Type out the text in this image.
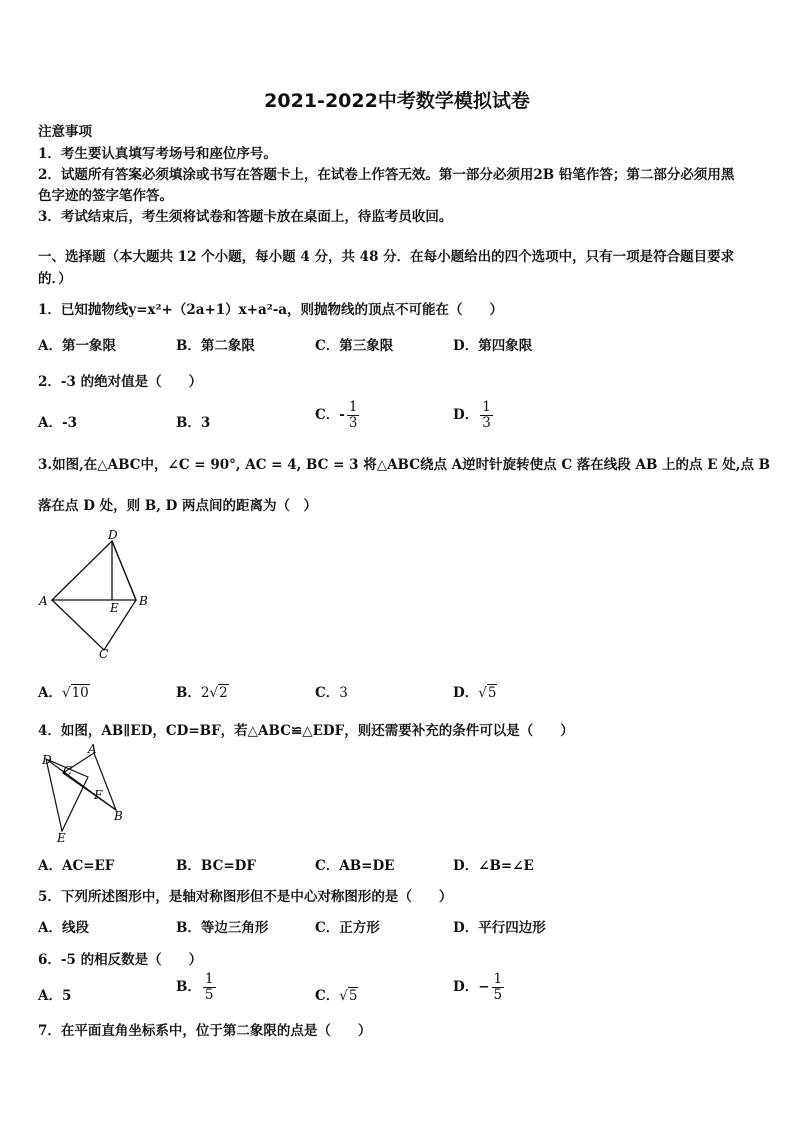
2021-2022中考数学模拟试卷
注意事项
1．考生要认真填写考场号和座位序号。
2．试题所有答案必须填涂或书写在答题卡上，在试卷上作答无效。第一部分必须用2B 铅笔作答；第二部分必须用黑
色字迹的签字笔作答。
3．考试结束后，考生须将试卷和答题卡放在桌面上，待监考员收回。
一、选择题（本大题共 12 个小题，每小题 4 分，共 48 分．在每小题给出的四个选项中，只有一项是符合题目要求
的．）
1．已知抛物线y=x²+（2a+1）x+a²-a，则抛物线的顶点不可能在（　　）
A．第一象限	B．第二象限	C．第三象限	D．第四象限
2．-3 的绝对值是（　　）
A．-3	B．3	C．- $\frac{1}{3}$	D． $\frac{1}{3}$
3.如图,在△ABC中，∠C = 90°, AC = 4, BC = 3 将△ABC绕点 A逆时针旋转使点 C 落在线段 AB 上的点 E 处,点 B
落在点 D 处，则 B, D 两点间的距离为（　）
D
A	E B
C
A．√10	B．2√2	C．3	D．√5
4．如图，AB∥ED，CD=BF，若△ABC≌△EDF，则还需要补充的条件可以是（　　）
D
A
C
F
B
E
A．AC=EF	B．BC=DF	C．AB=DE	D．∠B=∠E
5．下列所述图形中，是轴对称图形但不是中心对称图形的是（　　）
A．线段	B．等边三角形	C．正方形	D．平行四边形
6．-5 的相反数是（　　）
A．5
B． $\frac{1}{5}$	C．√5
D．− $\frac{1}{5}$
7．在平面直角坐标系中，位于第二象限的点是（　　）
